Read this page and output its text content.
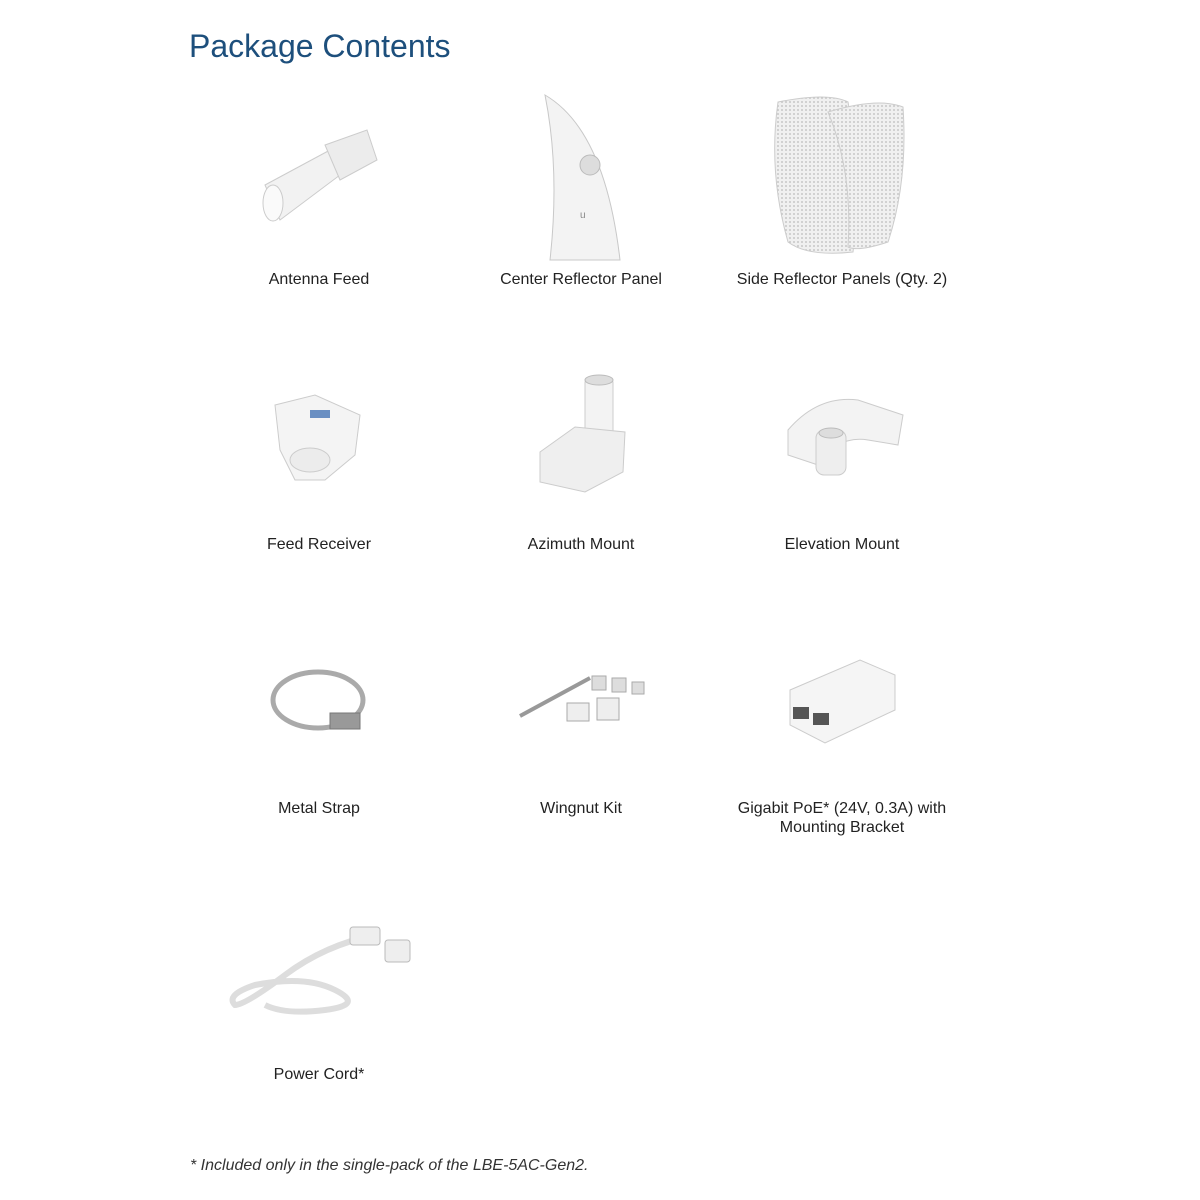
Package Contents
Antenna Feed
u
Center Reflector Panel	Side Reflector Panels (Qty. 2)
Feed Receiver	Azimuth Mount	Elevation Mount
Metal Strap	Wingnut Kit	Gigabit PoE* (24V, 0.3A) with
Mounting Bracket
Power Cord*
* Included only in the single-pack of the LBE-5AC-Gen2.
